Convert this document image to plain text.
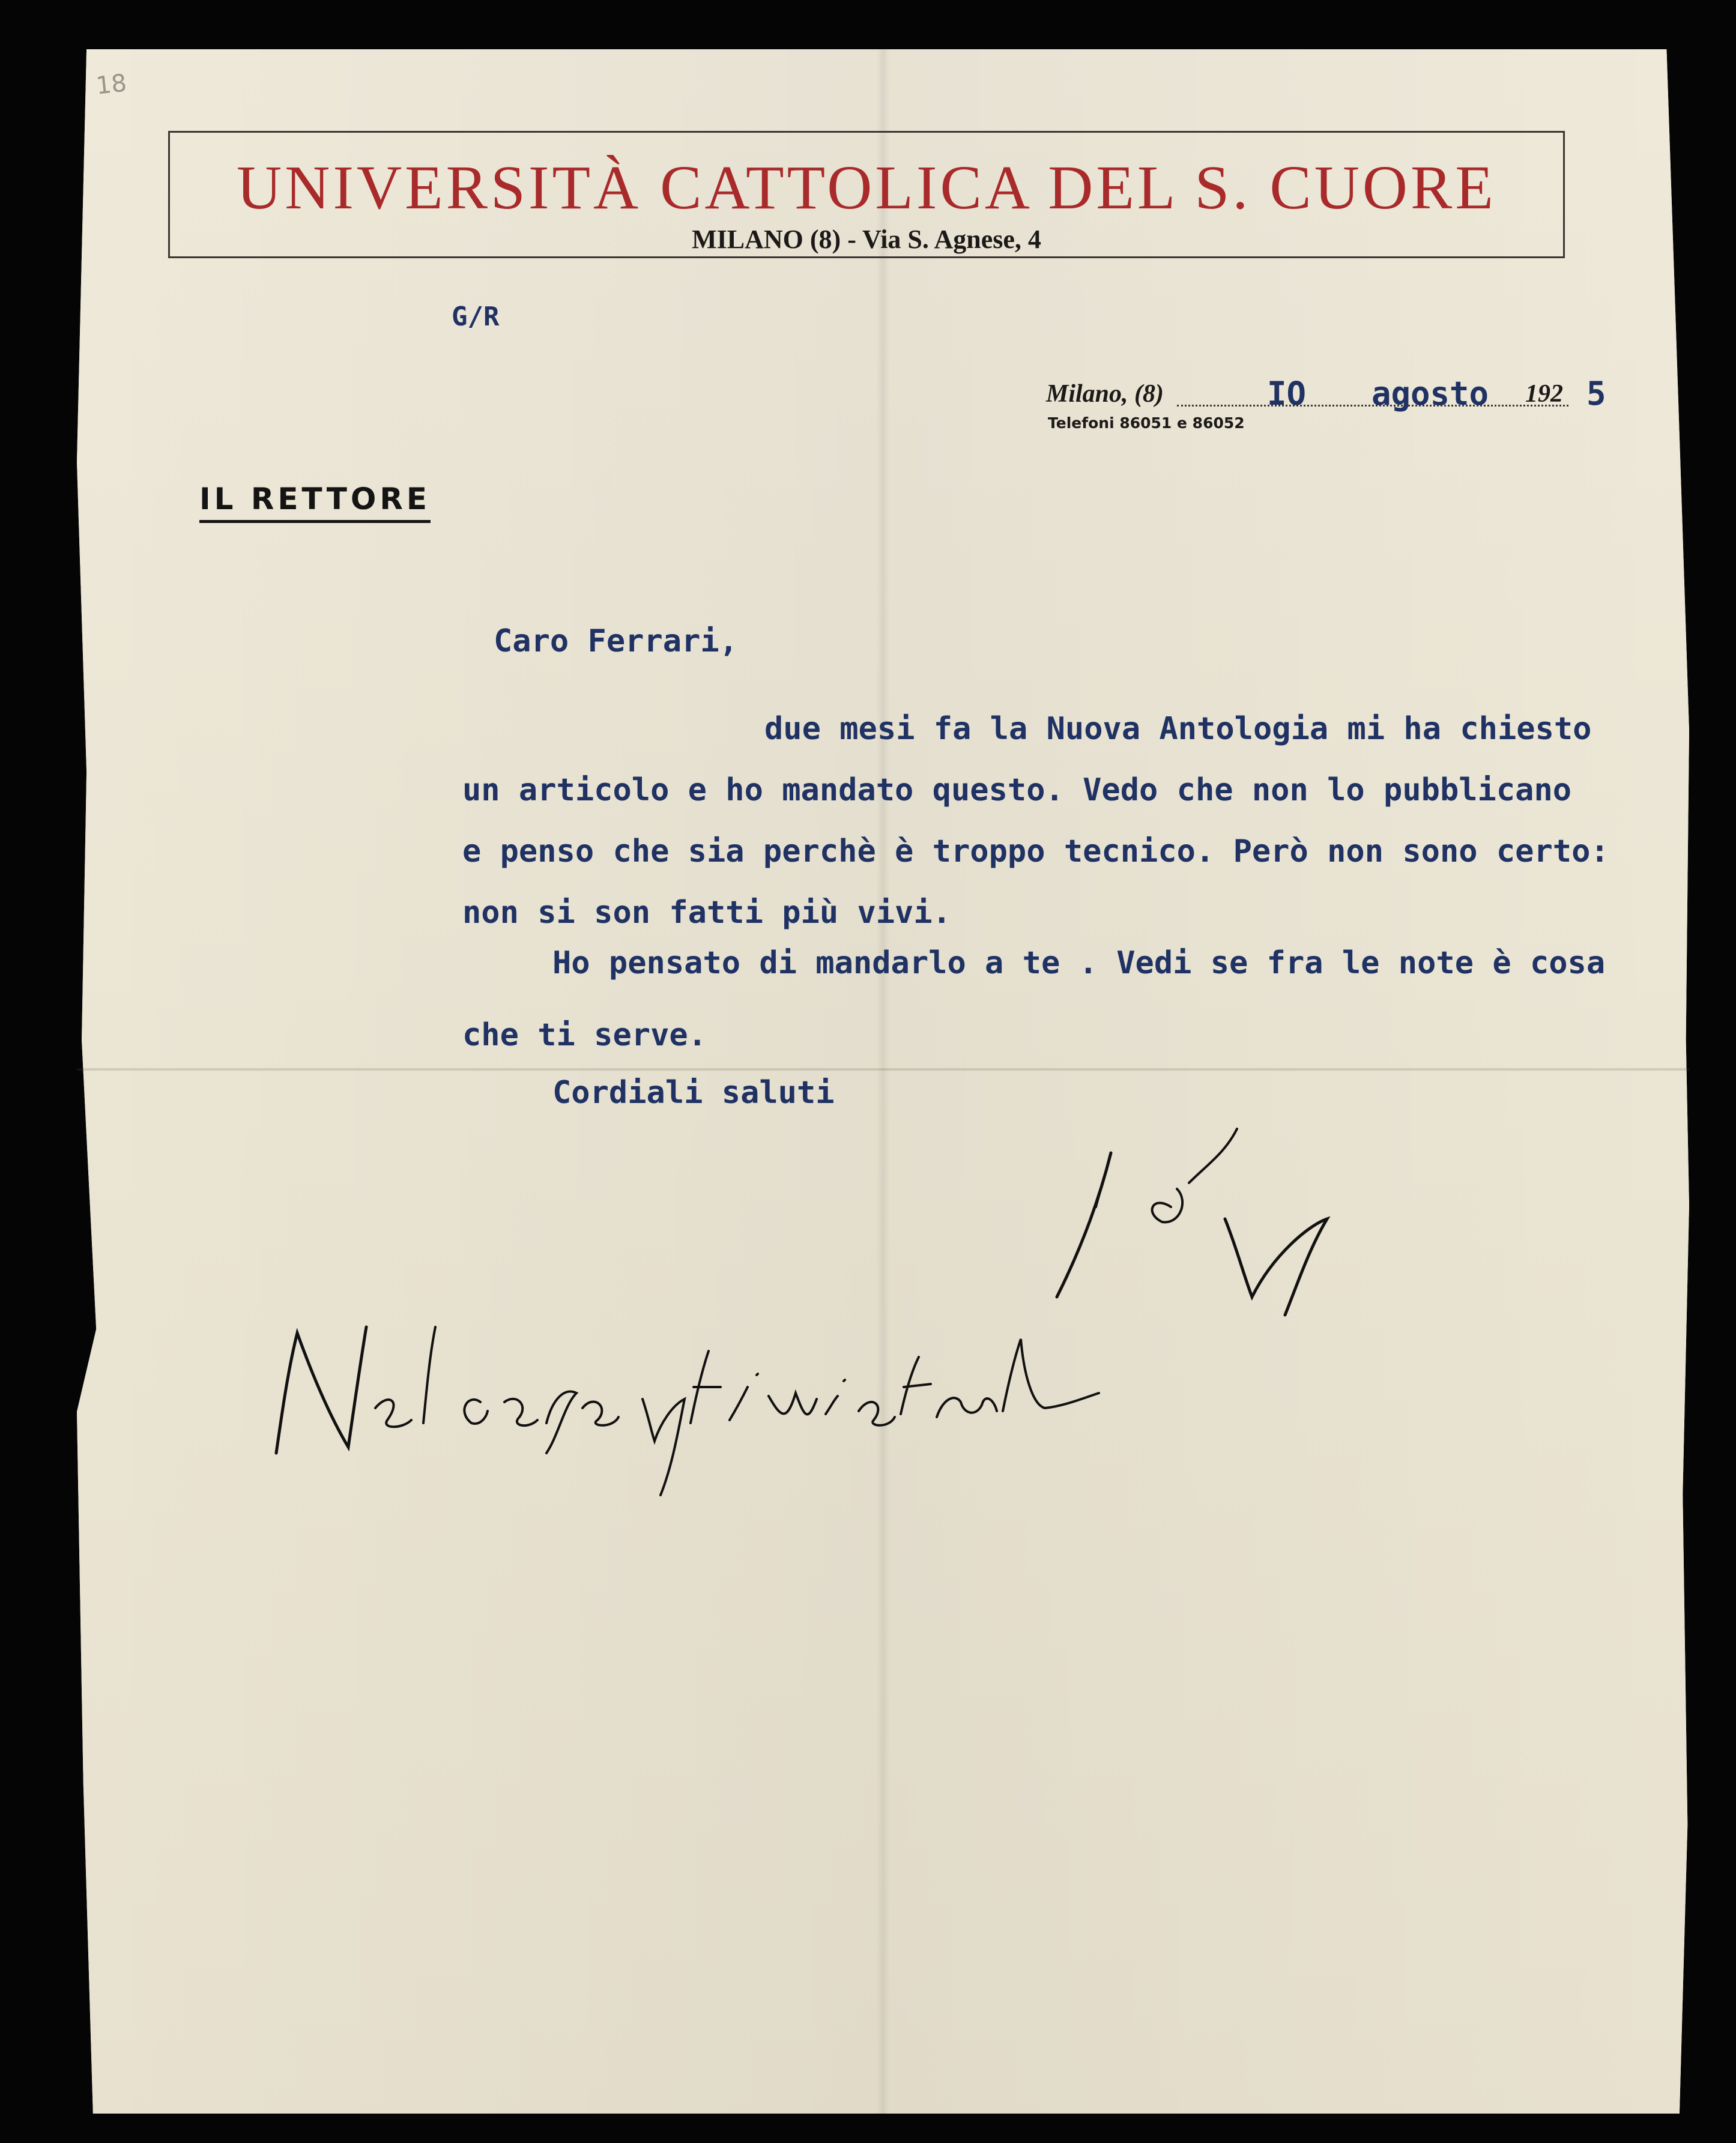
18
UNIVERSITÀ CATTOLICA DEL S. CUORE
MILANO (8) - Via S. Agnese, 4
G/R
Milano, (8)	IO agosto 192 5
Telefoni 86051 e 86052
IL RETTORE
Caro Ferrari,
due mesi fa la Nuova Antologia mi ha chiesto
un articolo e ho mandato questo. Vedo che non lo pubblicano
e penso che sia perchè è troppo tecnico. Però non sono certo:
non si son fatti più vivi.
Ho pensato di mandarlo a te . Vedi se fra le note è cosa
che ti serve.
Cordiali saluti
